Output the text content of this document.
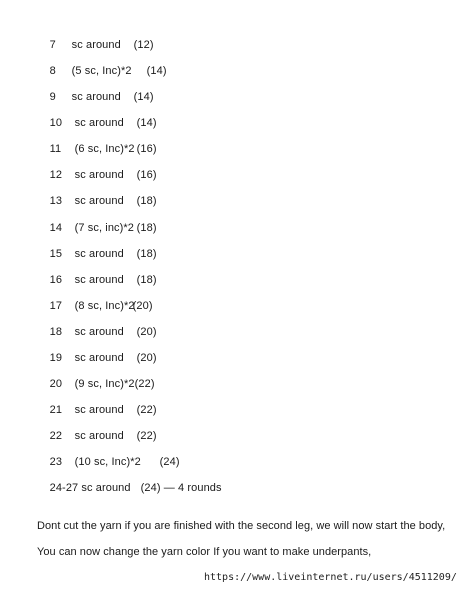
7 sc around (12)

8 (5 sc, Inc)*2 (14)

9 sc around (14)

10 sc around (14)

11 (6 sc, Inc)*2 (16)

12 sc around (16)

13 sc around (18)

14 (7 sc, inc)*2 (18)

15 sc around (18)

16 sc around (18)

17 (8 sc, Inc)*2(20)

18 sc around (20)

19 sc around (20)

20 (9 sc, Inc)*2(22)

21 sc around (22)

22 sc around (22)

23 (10 sc, Inc)*2 (24)

24-27 sc around (24) — 4 rounds

Dont cut the yarn if you are finished with the second leg, we will now start the body,
You can now change the yarn color If you want to make underpants,
https://www.liveinternet.ru/users/4511209/
